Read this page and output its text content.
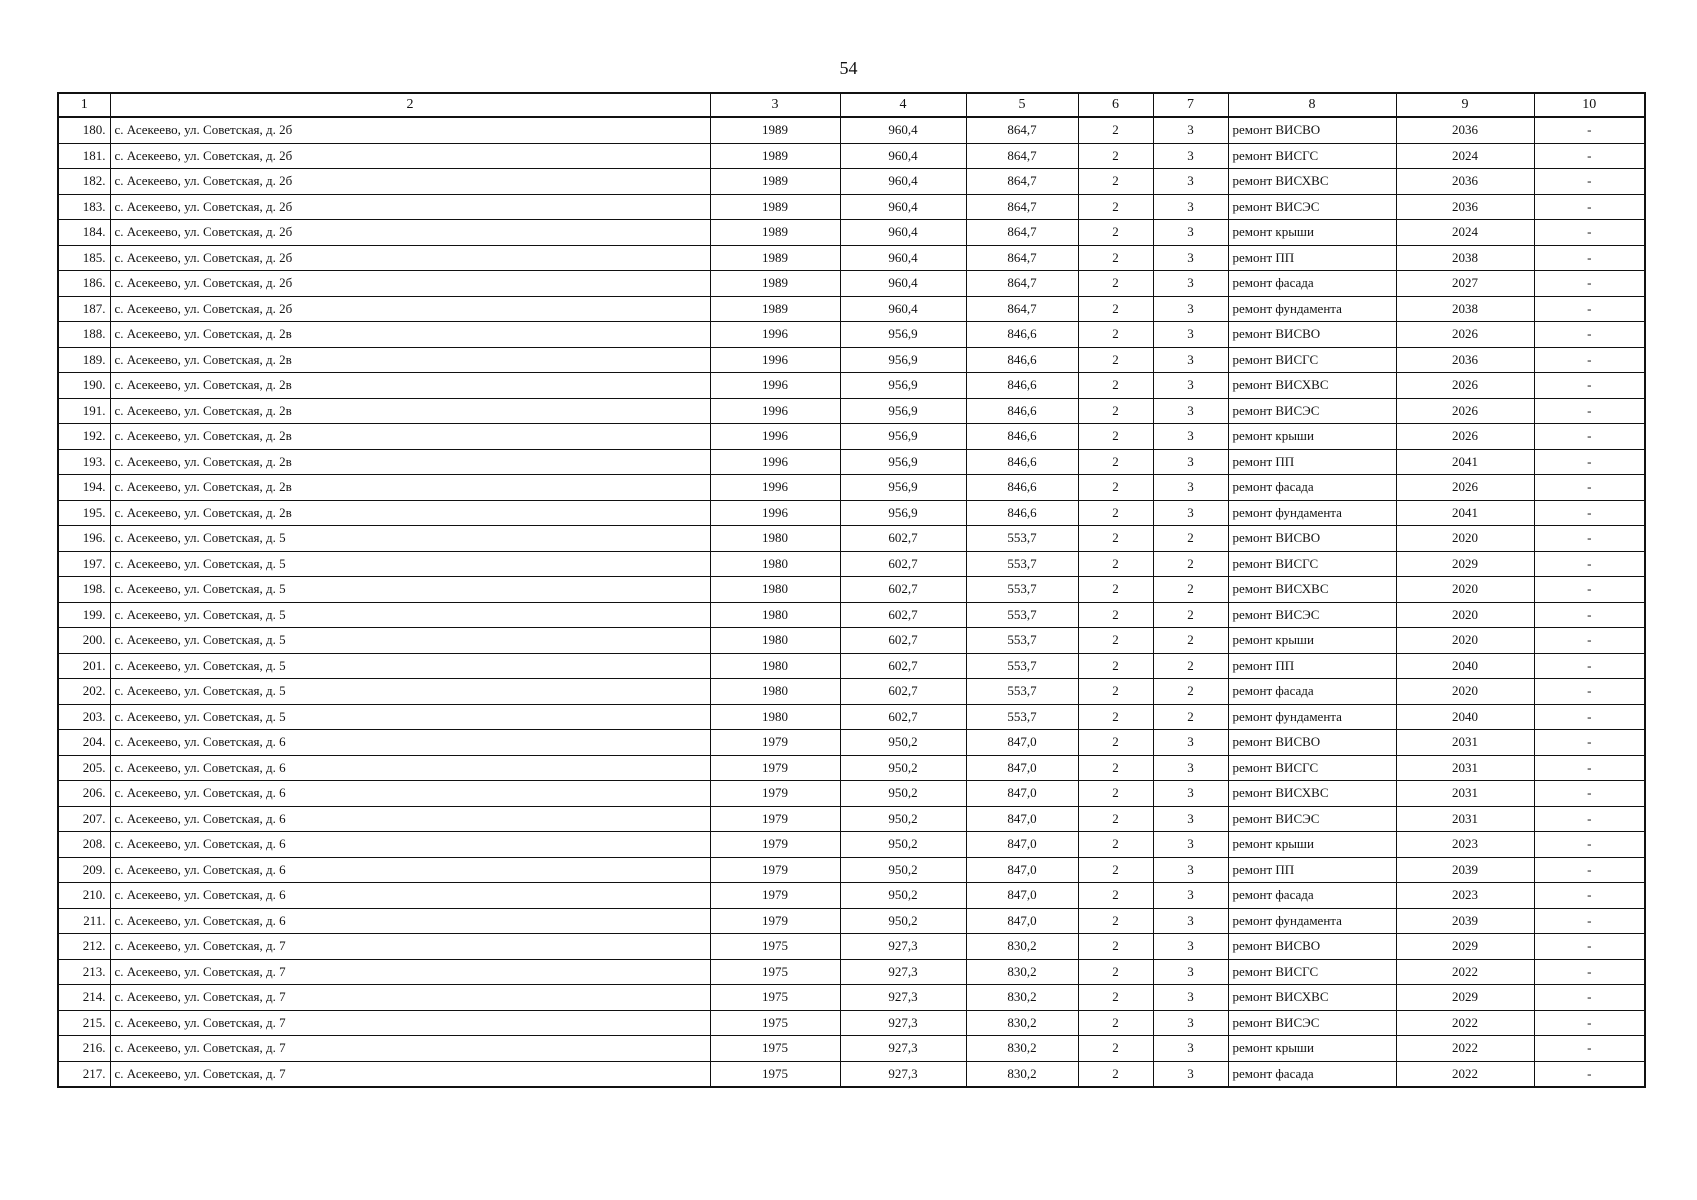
54
1	2	3	4	5	6	7	8	9	10
180.	с. Асекеево, ул. Советская, д. 2б	1989	960,4	864,7	2	3	ремонт ВИСВО	2036	-
181.	с. Асекеево, ул. Советская, д. 2б	1989	960,4	864,7	2	3	ремонт ВИСГС	2024	-
182.	с. Асекеево, ул. Советская, д. 2б	1989	960,4	864,7	2	3	ремонт ВИСХВС	2036	-
183.	с. Асекеево, ул. Советская, д. 2б	1989	960,4	864,7	2	3	ремонт ВИСЭС	2036	-
184.	с. Асекеево, ул. Советская, д. 2б	1989	960,4	864,7	2	3	ремонт крыши	2024	-
185.	с. Асекеево, ул. Советская, д. 2б	1989	960,4	864,7	2	3	ремонт ПП	2038	-
186.	с. Асекеево, ул. Советская, д. 2б	1989	960,4	864,7	2	3	ремонт фасада	2027	-
187.	с. Асекеево, ул. Советская, д. 2б	1989	960,4	864,7	2	3	ремонт фундамента	2038	-
188.	с. Асекеево, ул. Советская, д. 2в	1996	956,9	846,6	2	3	ремонт ВИСВО	2026	-
189.	с. Асекеево, ул. Советская, д. 2в	1996	956,9	846,6	2	3	ремонт ВИСГС	2036	-
190.	с. Асекеево, ул. Советская, д. 2в	1996	956,9	846,6	2	3	ремонт ВИСХВС	2026	-
191.	с. Асекеево, ул. Советская, д. 2в	1996	956,9	846,6	2	3	ремонт ВИСЭС	2026	-
192.	с. Асекеево, ул. Советская, д. 2в	1996	956,9	846,6	2	3	ремонт крыши	2026	-
193.	с. Асекеево, ул. Советская, д. 2в	1996	956,9	846,6	2	3	ремонт ПП	2041	-
194.	с. Асекеево, ул. Советская, д. 2в	1996	956,9	846,6	2	3	ремонт фасада	2026	-
195.	с. Асекеево, ул. Советская, д. 2в	1996	956,9	846,6	2	3	ремонт фундамента	2041	-
196.	с. Асекеево, ул. Советская, д. 5	1980	602,7	553,7	2	2	ремонт ВИСВО	2020	-
197.	с. Асекеево, ул. Советская, д. 5	1980	602,7	553,7	2	2	ремонт ВИСГС	2029	-
198.	с. Асекеево, ул. Советская, д. 5	1980	602,7	553,7	2	2	ремонт ВИСХВС	2020	-
199.	с. Асекеево, ул. Советская, д. 5	1980	602,7	553,7	2	2	ремонт ВИСЭС	2020	-
200.	с. Асекеево, ул. Советская, д. 5	1980	602,7	553,7	2	2	ремонт крыши	2020	-
201.	с. Асекеево, ул. Советская, д. 5	1980	602,7	553,7	2	2	ремонт ПП	2040	-
202.	с. Асекеево, ул. Советская, д. 5	1980	602,7	553,7	2	2	ремонт фасада	2020	-
203.	с. Асекеево, ул. Советская, д. 5	1980	602,7	553,7	2	2	ремонт фундамента	2040	-
204.	с. Асекеево, ул. Советская, д. 6	1979	950,2	847,0	2	3	ремонт ВИСВО	2031	-
205.	с. Асекеево, ул. Советская, д. 6	1979	950,2	847,0	2	3	ремонт ВИСГС	2031	-
206.	с. Асекеево, ул. Советская, д. 6	1979	950,2	847,0	2	3	ремонт ВИСХВС	2031	-
207.	с. Асекеево, ул. Советская, д. 6	1979	950,2	847,0	2	3	ремонт ВИСЭС	2031	-
208.	с. Асекеево, ул. Советская, д. 6	1979	950,2	847,0	2	3	ремонт крыши	2023	-
209.	с. Асекеево, ул. Советская, д. 6	1979	950,2	847,0	2	3	ремонт ПП	2039	-
210.	с. Асекеево, ул. Советская, д. 6	1979	950,2	847,0	2	3	ремонт фасада	2023	-
211.	с. Асекеево, ул. Советская, д. 6	1979	950,2	847,0	2	3	ремонт фундамента	2039	-
212.	с. Асекеево, ул. Советская, д. 7	1975	927,3	830,2	2	3	ремонт ВИСВО	2029	-
213.	с. Асекеево, ул. Советская, д. 7	1975	927,3	830,2	2	3	ремонт ВИСГС	2022	-
214.	с. Асекеево, ул. Советская, д. 7	1975	927,3	830,2	2	3	ремонт ВИСХВС	2029	-
215.	с. Асекеево, ул. Советская, д. 7	1975	927,3	830,2	2	3	ремонт ВИСЭС	2022	-
216.	с. Асекеево, ул. Советская, д. 7	1975	927,3	830,2	2	3	ремонт крыши	2022	-
217.	с. Асекеево, ул. Советская, д. 7	1975	927,3	830,2	2	3	ремонт фасада	2022	-
